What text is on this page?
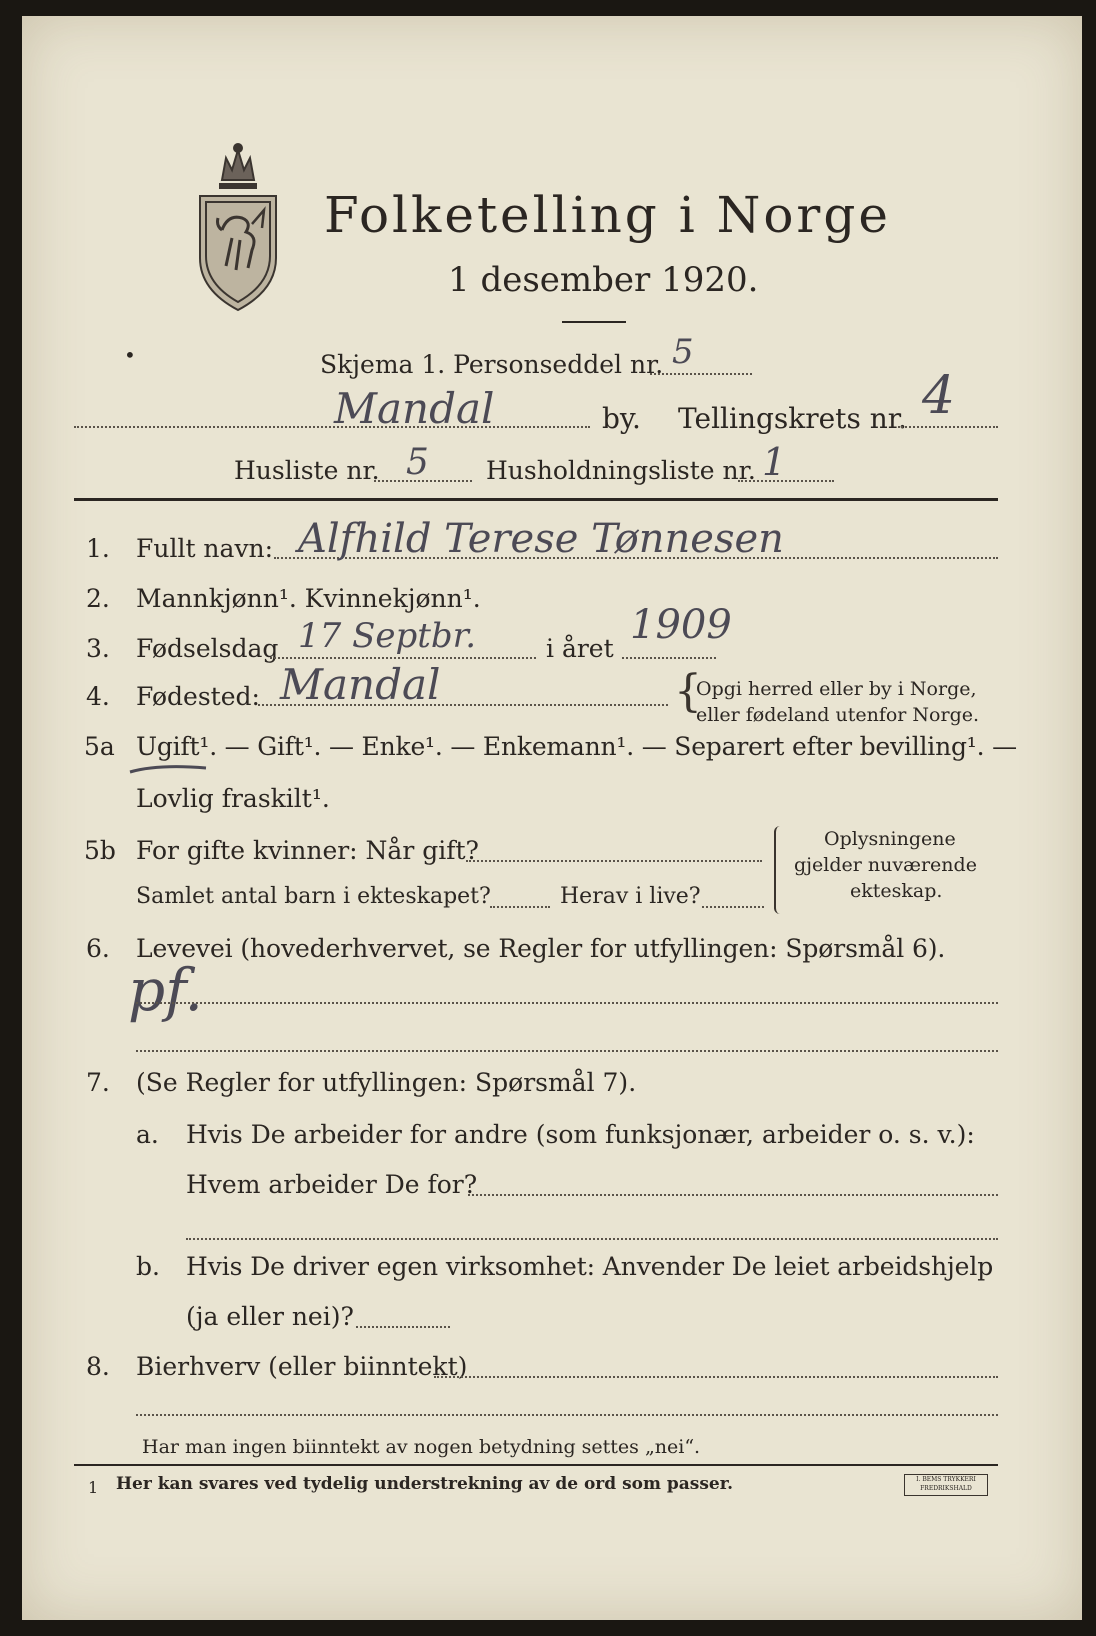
Folketelling i Norge
1 desember 1920.
•	Skjema 1. Personseddel nr. 5
Mandal	by. Tellingskrets nr. 4
Husliste nr. 5 Husholdningsliste nr. 1
1. Fullt navn: Alfhild Terese Tønnesen
2. Mannkjønn¹. Kvinnekjønn¹.
3. Fødselsdag 17 Septbr.	i året
1909
4. Fødested: Mandal	{
Opgi herred eller by i Norge,
eller fødeland utenfor Norge.
5a Ugift¹. — Gift¹. — Enke¹. — Enkemann¹. — Separert efter bevilling¹. —
Lovlig fraskilt¹.
5b For gifte kvinner: Når gift?
Samlet antal barn i ekteskapet?	Herav i live?
Oplysningene
gjelder nuværende
ekteskap.
6. Levevei (hovederhvervet, se Regler for utfyllingen: Spørsmål 6).
pf.
7. (Se Regler for utfyllingen: Spørsmål 7).
a. Hvis De arbeider for andre (som funksjonær, arbeider o. s. v.):
Hvem arbeider De for?
b. Hvis De driver egen virksomhet: Anvender De leiet arbeidshjelp
(ja eller nei)?
8. Bierhverv (eller biinntekt)
Har man ingen biinntekt av nogen betydning settes „nei“.
1 Her kan svares ved tydelig understrekning av de ord som passer.	I. BEMS TRYKKERI
FREDRIKSHALD
